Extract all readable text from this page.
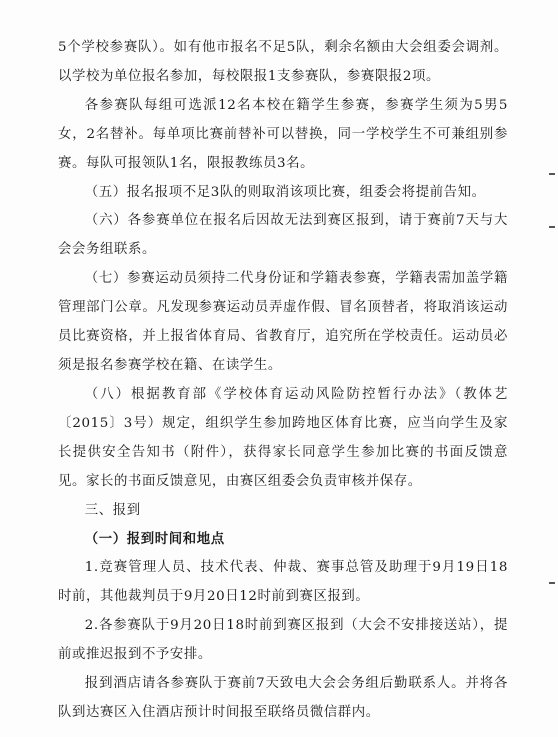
5个学校参赛队）。如有他市报名不足5队，剩余名额由大会组委会调剂。以学校为单位报名参加，每校限报1支参赛队，参赛限报2项。

各参赛队每组可选派12名本校在籍学生参赛，参赛学生须为5男5女，2名替补。每单项比赛前替补可以替换，同一学校学生不可兼组别参赛。每队可报领队1名，限报教练员3名。

（五）报名报项不足3队的则取消该项比赛，组委会将提前告知。

（六）各参赛单位在报名后因故无法到赛区报到，请于赛前7天与大会会务组联系。

（七）参赛运动员须持二代身份证和学籍表参赛，学籍表需加盖学籍管理部门公章。凡发现参赛运动员弄虚作假、冒名顶替者，将取消该运动员比赛资格，并上报省体育局、省教育厅，追究所在学校责任。运动员必须是报名参赛学校在籍、在读学生。

（八）根据教育部《学校体育运动风险防控暂行办法》（教体艺〔2015〕3号）规定，组织学生参加跨地区体育比赛，应当向学生及家长提供安全告知书（附件），获得家长同意学生参加比赛的书面反馈意见。家长的书面反馈意见，由赛区组委会负责审核并保存。

三、报到

（一）报到时间和地点

1.竞赛管理人员、技术代表、仲裁、赛事总管及助理于9月19日18时前，其他裁判员于9月20日12时前到赛区报到。

2.各参赛队于9月20日18时前到赛区报到（大会不安排接送站），提前或推迟报到不予安排。

报到酒店请各参赛队于赛前7天致电大会会务组后勤联系人。并将各队到达赛区入住酒店预计时间报至联络员微信群内。
